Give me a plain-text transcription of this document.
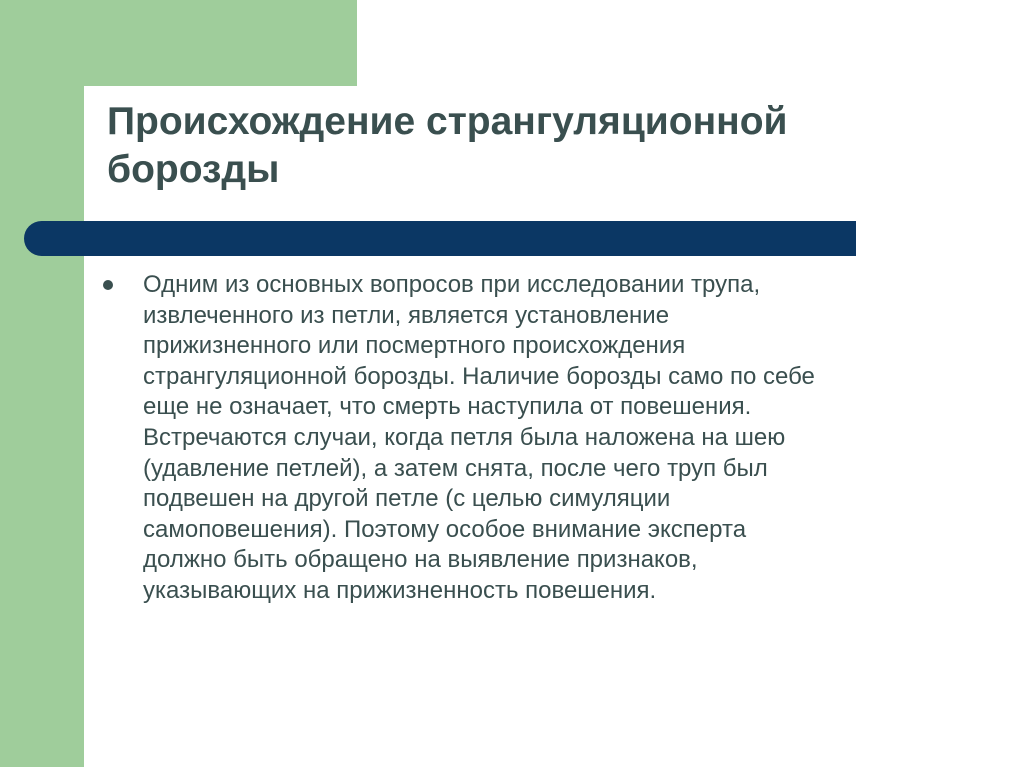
Происхождение странгуляционной
борозды

Одним из основных вопросов при исследовании трупа,
извлеченного из петли, является установление
прижизненного или посмертного происхождения
странгуляционной борозды. Наличие борозды само по себе
еще не означает, что смерть наступила от повешения.
Встречаются случаи, когда петля была наложена на шею
(удавление петлей), а затем снята, после чего труп был
подвешен на другой петле (с целью симуляции
самоповешения). Поэтому особое внимание эксперта
должно быть обращено на выявление признаков,
указывающих на прижизненность повешения.
